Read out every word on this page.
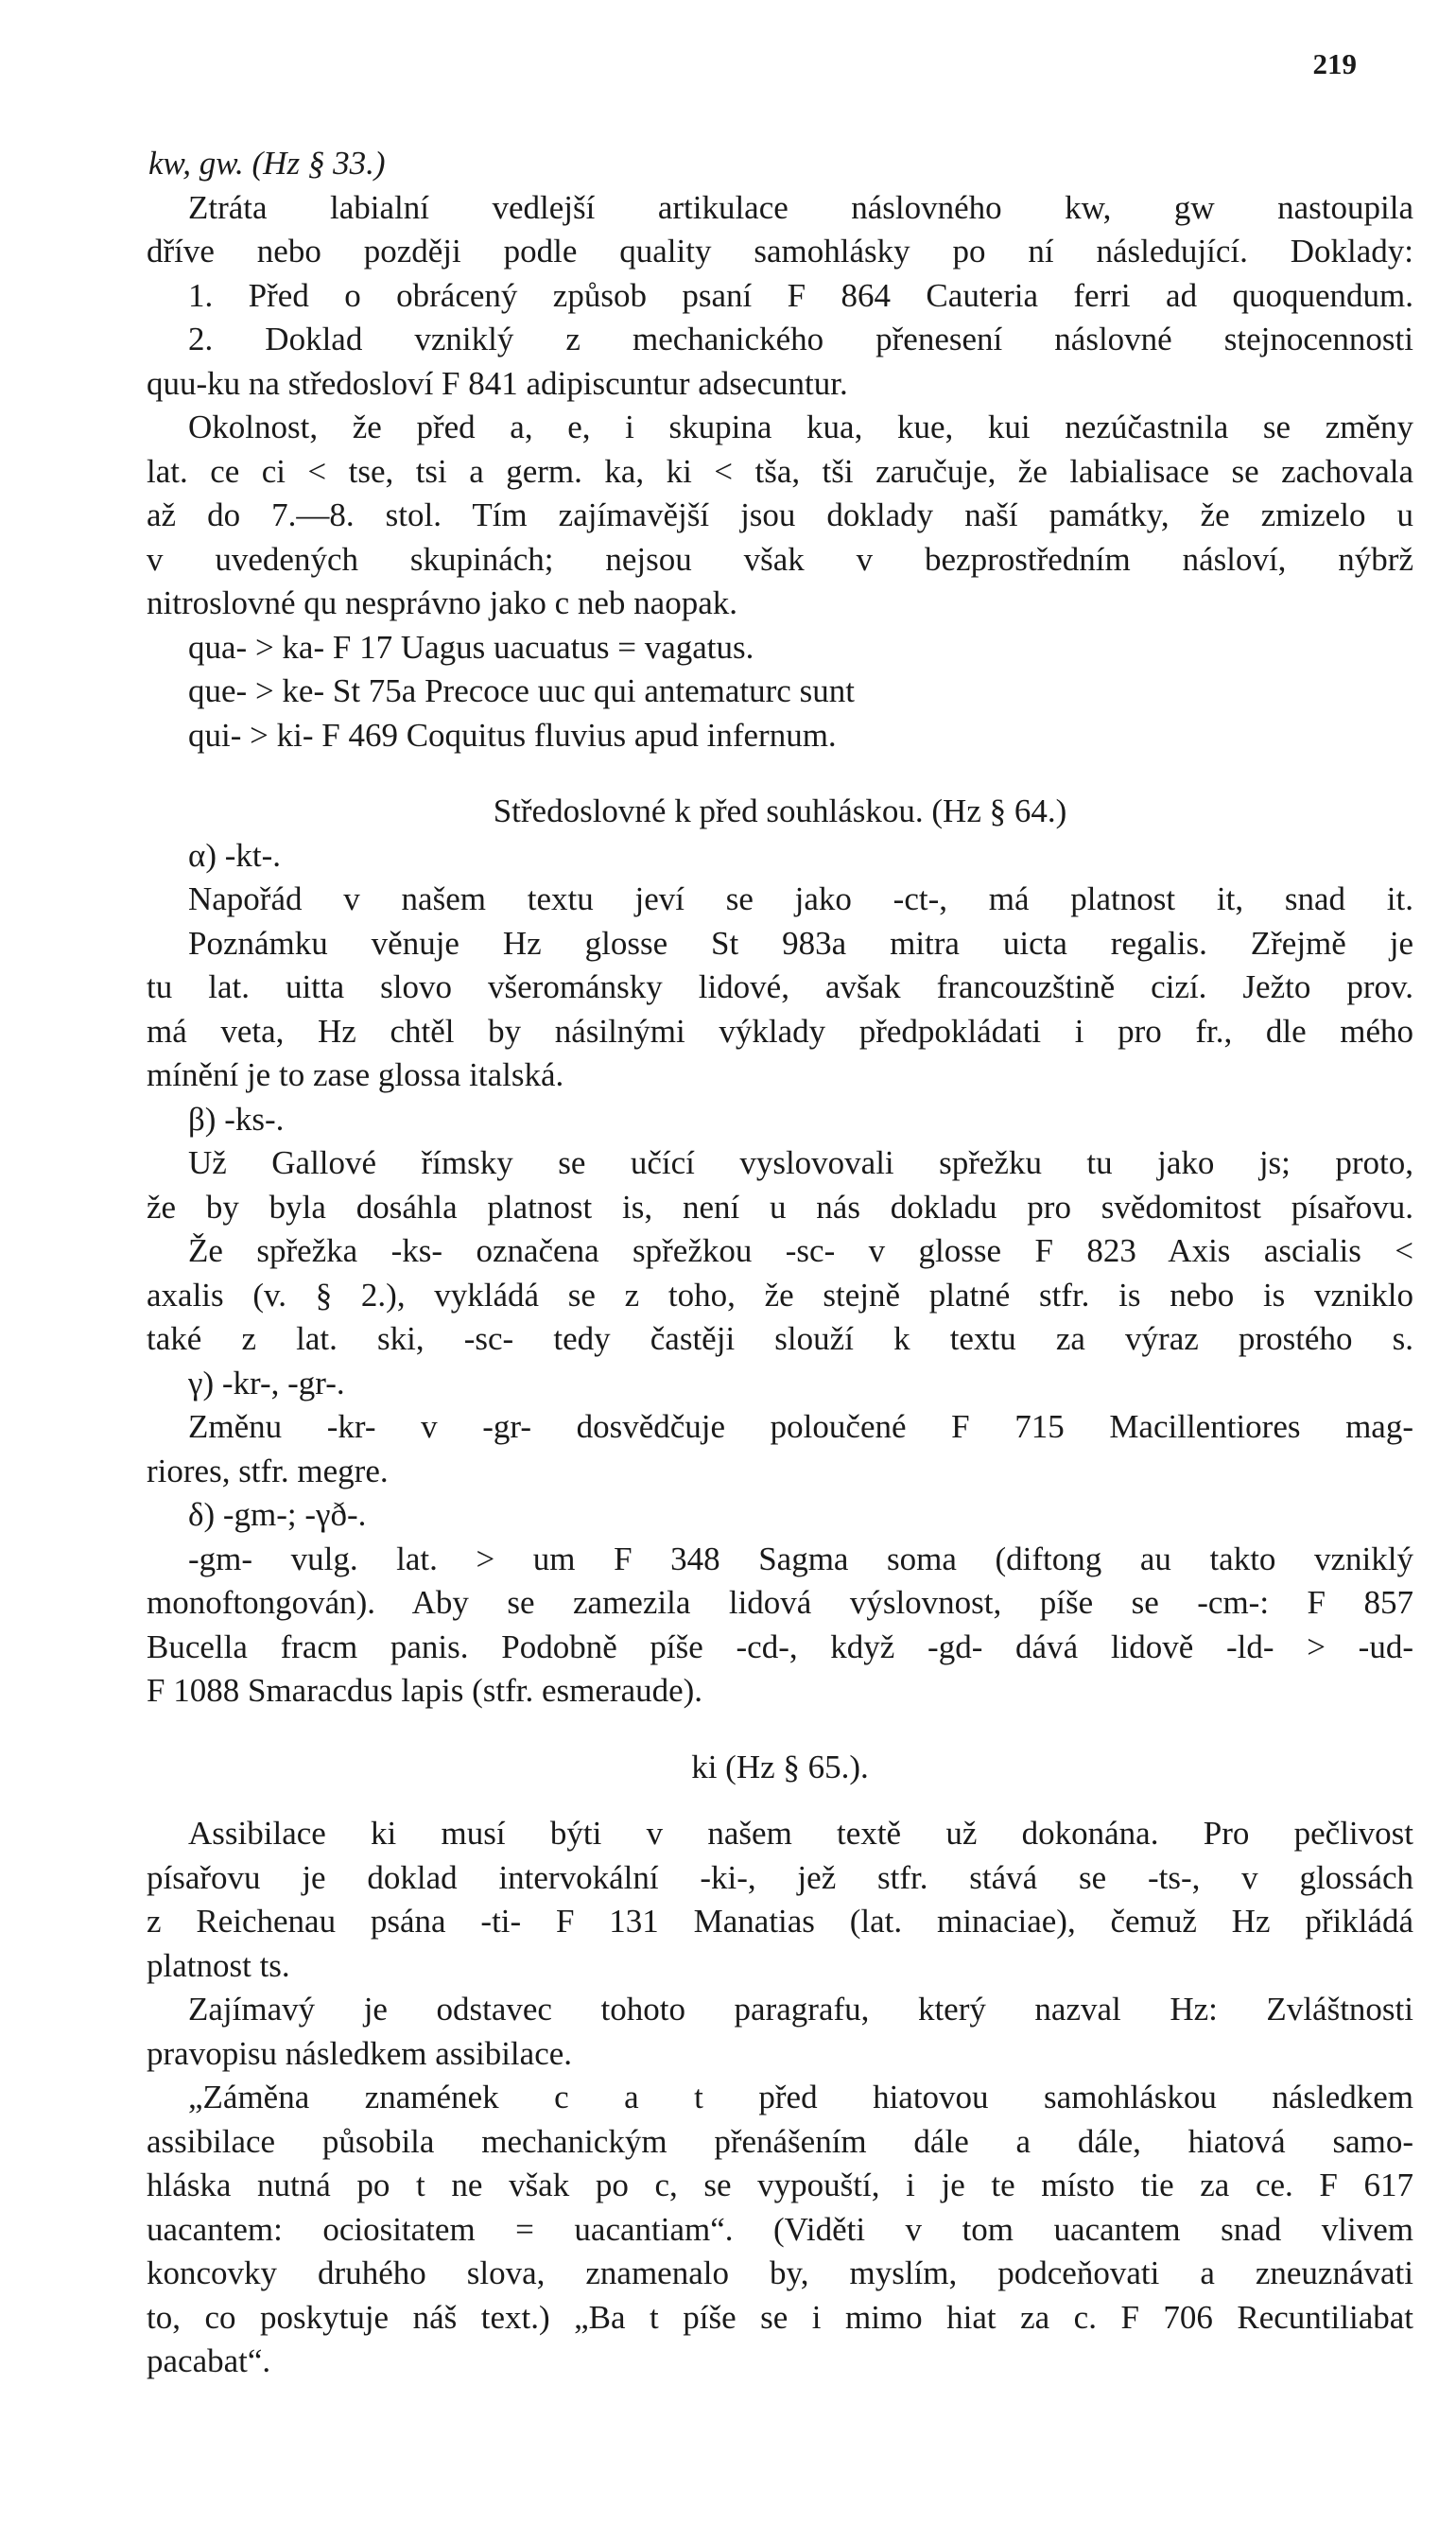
219
kw, gw. (Hz § 33.)
Ztráta labialní vedlejší artikulace náslovného kw, gw nastoupila
dříve nebo později podle quality samohlásky po ní následující. Doklady:
1. Před o obrácený způsob psaní F 864 Cauteria ferri ad quoquendum.
2. Doklad vzniklý z mechanického přenesení náslovné stejnocennosti
quu-ku na středosloví F 841 adipiscuntur adsecuntur.
Okolnost, že před a, e, i skupina kua, kue, kui nezúčastnila se změny
lat. ce ci < tse, tsi a germ. ka, ki < tša, tši zaručuje, že labialisace se zachovala
až do 7.—8. stol. Tím zajímavější jsou doklady naší památky, že zmizelo u
v uvedených skupinách; nejsou však v bezprostředním násloví, nýbrž
nitroslovné qu nesprávno jako c neb naopak.
qua- > ka- F 17 Uagus uacuatus = vagatus.
que- > ke- St 75a Precoce uuc qui antematurc sunt
qui- > ki- F 469 Coquitus fluvius apud infernum.
Středoslovné k před souhláskou. (Hz § 64.)
α) -kt-.
Napořád v našem textu jeví se jako -ct-, má platnost it, snad it.
Poznámku věnuje Hz glosse St 983a mitra uicta regalis. Zřejmě je
tu lat. uitta slovo všerománsky lidové, avšak francouzštině cizí. Ježto prov.
má veta, Hz chtěl by násilnými výklady předpokládati i pro fr., dle mého
mínění je to zase glossa italská.
β) -ks-.
Už Gallové římsky se učící vyslovovali spřežku tu jako js; proto,
že by byla dosáhla platnost is, není u nás dokladu pro svědomitost písařovu.
Že spřežka -ks- označena spřežkou -sc- v glosse F 823 Axis ascialis <
axalis (v. § 2.), vykládá se z toho, že stejně platné stfr. is nebo is vzniklo
také z lat. ski, -sc- tedy častěji slouží k textu za výraz prostého s.
γ) -kr-, -gr-.
Změnu -kr- v -gr- dosvědčuje polоučené F 715 Macillentiores mag-
riores, stfr. megre.
δ) -gm-; -γð-.
-gm- vulg. lat. > um F 348 Sagma soma (diftong au takto vzniklý
monoftongován). Aby se zamezila lidová výslovnost, píše se -cm-: F 857
Bucella fracm panis. Podobně píše -cd-, když -gd- dává lidově -ld- > -ud-
F 1088 Smaracdus lapis (stfr. esmeraude).
ki (Hz § 65.).
Assibilace ki musí býti v našem textě už dokonána. Pro pečlivost
písařovu je doklad intervokální -ki-, jež stfr. stává se -ts-, v glossách
z Reichenau psána -ti- F 131 Manatias (lat. minaciae), čemuž Hz přikládá
platnost ts.
Zajímavý je odstavec tohoto paragrafu, který nazval Hz: Zvláštnosti
pravopisu následkem assibilace.
„Záměna znamének c a t před hiatovou samohláskou následkem
assibilace působila mechanickým přenášením dále a dále, hiatová samo-
hláska nutná po t ne však po c, se vypouští, i je te místo tie za ce. F 617
uacantem: ociositatem = uacantiam“. (Viděti v tom uacantem snad vlivem
koncovky druhého slova, znamenalo by, myslím, podceňovati a zneuznávati
to, co poskytuje náš text.) „Ba t píše se i mimo hiat za c. F 706 Recuntiliabat
pacabat“.
